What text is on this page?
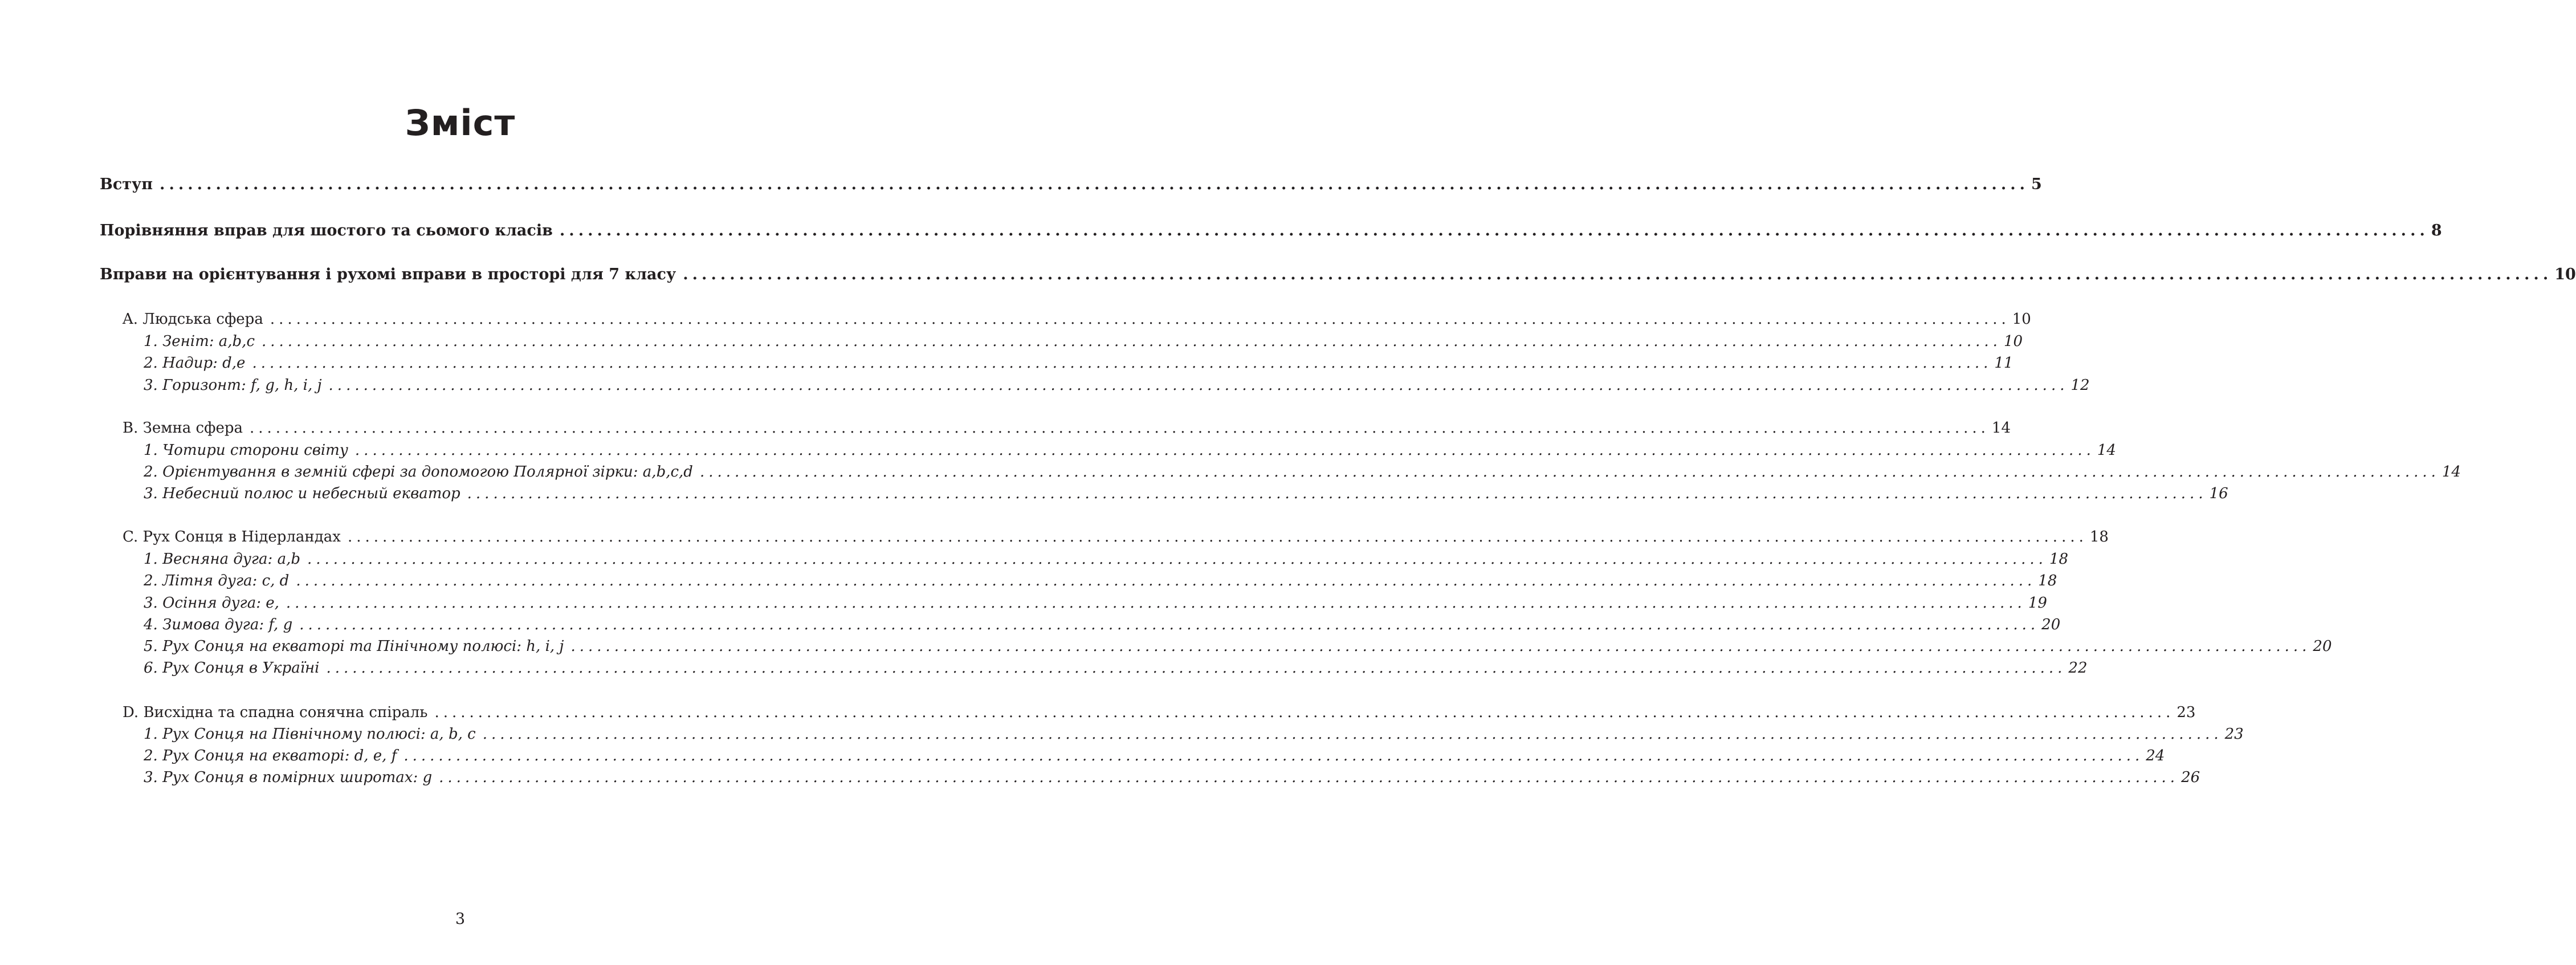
Зміст
Вступ ........................................................................................................................................................................................................ 5
Порівняння вправ для шостого та сьомого класів ........................................................................................................................................................................................................ 8
Вправи на орієнтування і рухомі вправи в просторі для 7 класу ........................................................................................................................................................................................................ 10
A. Людська сфера ........................................................................................................................................................................................................ 10
1. Зеніт: a,b,c ........................................................................................................................................................................................................ 10
2. Надир: d,e ........................................................................................................................................................................................................ 11
3. Горизонт: f, g, h, i, j ........................................................................................................................................................................................................ 12
B. Земна сфера ........................................................................................................................................................................................................ 14
1. Чотири сторони світу ........................................................................................................................................................................................................ 14
2. Орієнтування в земній сфері за допомогою Полярної зірки: a,b,c,d ........................................................................................................................................................................................................ 14
3. Небесний полюс и небесный екватор ........................................................................................................................................................................................................ 16
C. Рух Сонця в Нідерландах ........................................................................................................................................................................................................ 18
1. Весняна дуга: a,b ........................................................................................................................................................................................................ 18
2. Літня дуга: c, d ........................................................................................................................................................................................................ 18
3. Осіння дуга: e, ........................................................................................................................................................................................................ 19
4. Зимова дуга: f, g ........................................................................................................................................................................................................ 20
5. Рух Сонця на екваторі та Пінічному полюсі: h, i, j ........................................................................................................................................................................................................ 20
6. Рух Сонця в Україні ........................................................................................................................................................................................................ 22
D. Висхідна та спадна сонячна спіраль ........................................................................................................................................................................................................ 23
1. Рух Сонця на Північному полюсі: a, b, c ........................................................................................................................................................................................................ 23
2. Рух Сонця на екваторі: d, e, f ........................................................................................................................................................................................................ 24
3. Рух Сонця в помірних широтах: g ........................................................................................................................................................................................................ 26
3
